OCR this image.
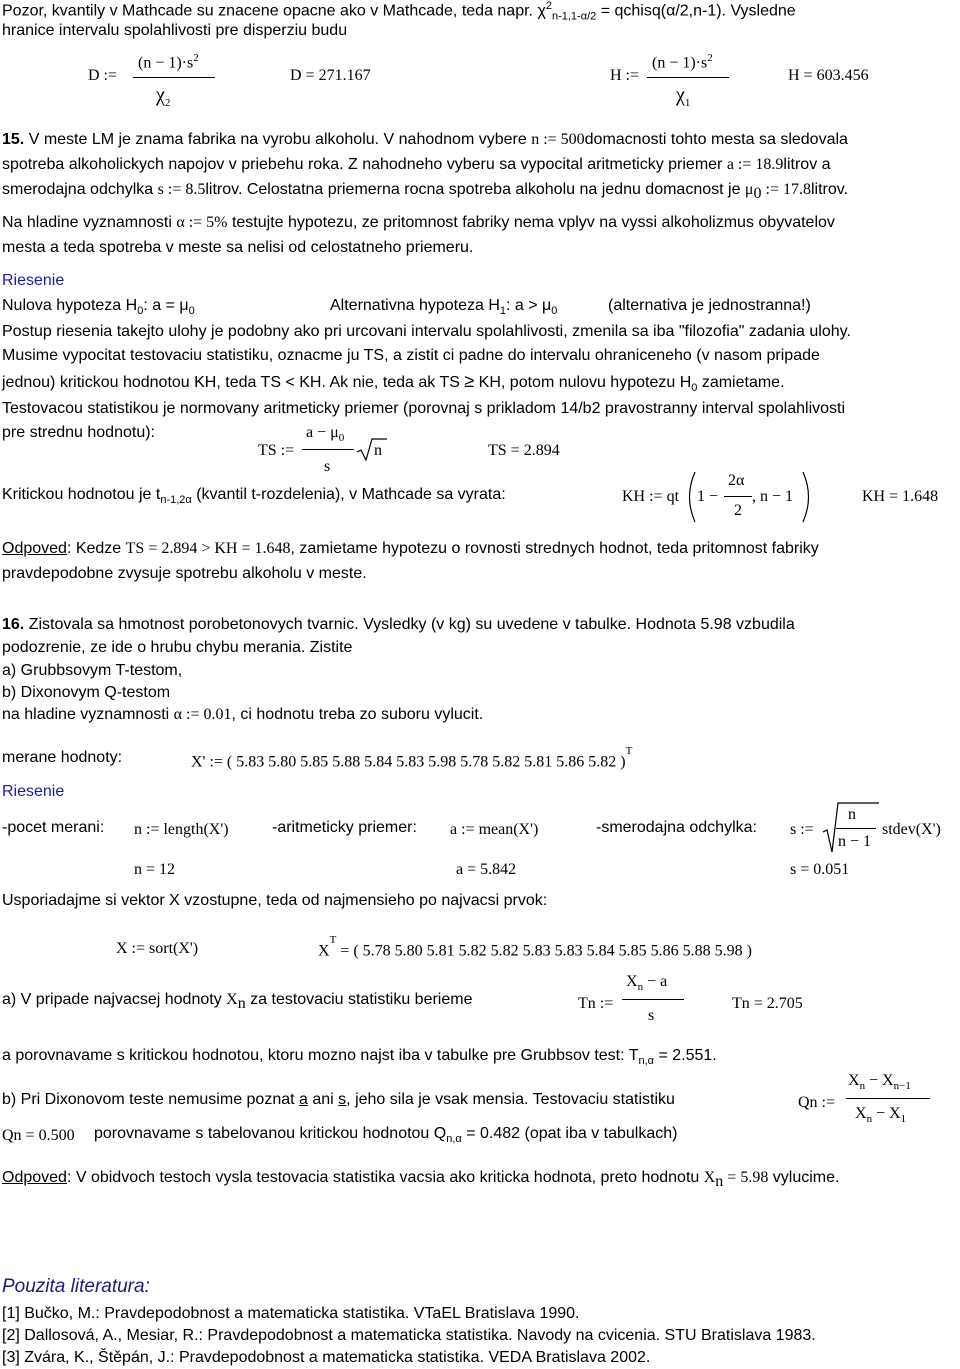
Pozor, kvantily v Mathcade su znacene opacne ako v Mathcade, teda napr. $\chi^2_{n-1,1-\alpha/2}$ = qchisq(α/2,n-1). Vysledne
hranice intervalu spolahlivosti pre disperziu budu
D :=
$(n - 1)\cdot s^2$
$\chi_2$
D = 271.167	H :=
$(n - 1)\cdot s^2$
$\chi_1$
H = 603.456
15. V meste LM je znama fabrika na vyrobu alkoholu. V nahodnom vybere n := 500domacnosti tohto mesta sa sledovala
spotreba alkoholickych napojov v priebehu roka. Z nahodneho vyberu sa vypocital aritmeticky priemer a := 18.9litrov a
smerodajna odchylka s := 8.5litrov. Celostatna priemerna rocna spotreba alkoholu na jednu domacnost je $\mu_0$ := 17.8litrov.
Na hladine vyznamnosti α := 5% testujte hypotezu, ze pritomnost fabriky nema vplyv na vyssi alkoholizmus obyvatelov
mesta a teda spotreba v meste sa nelisi od celostatneho priemeru.
Riesenie
Nulova hypoteza $H_0$: $a = \mu_0$	Alternativna hypoteza $H_1$: $a > \mu_0$	(alternativa je jednostranna!)
Postup riesenia takejto ulohy je podobny ako pri urcovani intervalu spolahlivosti, zmenila sa iba "filozofia" zadania ulohy.
Musime vypocitat testovaciu statistiku, oznacme ju TS, a zistit ci padne do intervalu ohraniceneho (v nasom pripade
jednou) kritickou hodnotou KH, teda TS < KH. Ak nie, teda ak TS ≥ KH, potom nulovu hypotezu $H_0$ zamietame.
Testovacou statistikou je normovany aritmeticky priemer (porovnaj s prikladom 14/b2 pravostranny interval spolahlivosti
pre strednu hodnotu):
TS :=
$a - \mu_0$
s
n	TS = 2.894
Kritickou hodnotou je $t_{n-1,2\alpha}$ (kvantil t-rozdelenia), v Mathcade sa vyrata:	KH := qt 1 −
2α
2
, n − 1	KH = 1.648
Odpoved: Kedze TS = 2.894 > KH = 1.648, zamietame hypotezu o rovnosti strednych hodnot, teda pritomnost fabriky
pravdepodobne zvysuje spotrebu alkoholu v meste.
16. Zistovala sa hmotnost porobetonovych tvarnic. Vysledky (v kg) su uvedene v tabulke. Hodnota 5.98 vzbudila
podozrenie, ze ide o hrubu chybu merania. Zistite
a) Grubbsovym T-testom,
b) Dixonovym Q-testom
na hladine vyznamnosti α := 0.01, ci hodnotu treba zo suboru vylucit.
merane hodnoty:	X' := ( 5.83 5.80 5.85 5.88 5.84 5.83 5.98 5.78 5.82 5.81 5.86 5.82 )$^T$
Riesenie
-pocet merani: n := length(X')	-aritmeticky priemer: a := mean(X')	-smerodajna odchylka: s :=
n
n − 1
stdev(X')
n = 12	a = 5.842	s = 0.051
Usporiadajme si vektor X vzostupne, teda od najmensieho po najvacsi prvok:
X := sort(X')	$X^T$ = ( 5.78 5.80 5.81 5.82 5.82 5.83 5.83 5.84 5.85 5.86 5.88 5.98 )
a) V pripade najvacsej hodnoty $X_n$ za testovaciu statistiku berieme	Tn :=
$X_n - a$
s
Tn = 2.705
a porovnavame s kritickou hodnotou, ktoru mozno najst iba v tabulke pre Grubbsov test: $T_{n,\alpha} = 2.551$.
b) Pri Dixonovom teste nemusime poznat a ani s, jeho sila je vsak mensia. Testovaciu statistiku	Qn :=
$X_n - X_{n-1}$
$X_n - X_1$
Qn = 0.500 porovnavame s tabelovanou kritickou hodnotou $Q_{n,\alpha} = 0.482$ (opat iba v tabulkach)
Odpoved: V obidvoch testoch vysla testovacia statistika vacsia ako kriticka hodnota, preto hodnotu $X_n = 5.98$ vylucime.
Pouzita literatura:
[1] Bučko, M.: Pravdepodobnost a matematicka statistika. VTaEL Bratislava 1990.
[2] Dallosová, A., Mesiar, R.: Pravdepodobnost a matematicka statistika. Navody na cvicenia. STU Bratislava 1983.
[3] Zvára, K., Štěpán, J.: Pravdepodobnost a matematicka statistika. VEDA Bratislava 2002.
